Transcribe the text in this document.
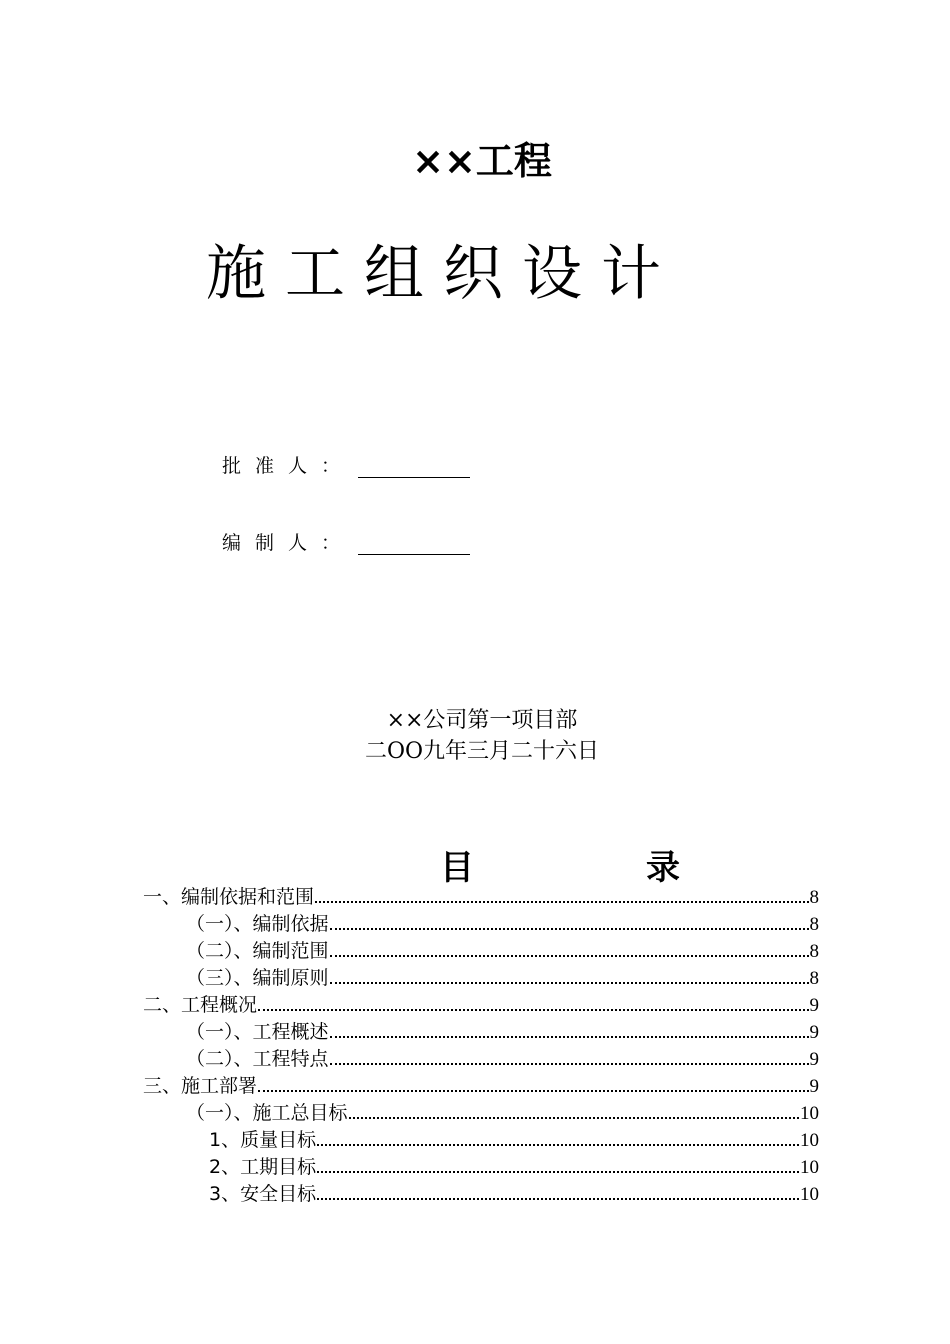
××工程
施工组织设计
批准人：
编制人：
××公司第一项目部
二OO九年三月二十六日
目	录
一、编制依据和范围	8
（一）、编制依据	8
（二）、编制范围	8
（三）、编制原则	8
二、工程概况	9
（一）、工程概述	9
（二）、工程特点	9
三、施工部署	9
（一）、施工总目标	10
1、质量目标	10
2、工期目标	10
3、安全目标	10
